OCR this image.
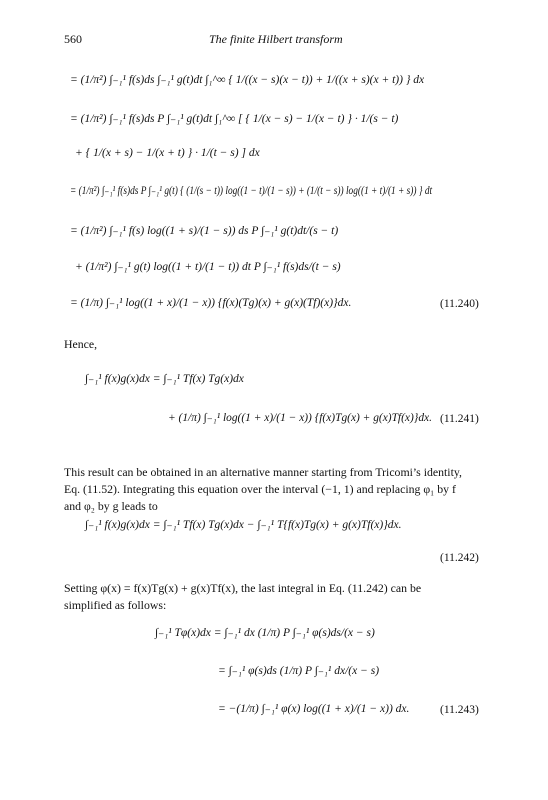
560	The finite Hilbert transform
= (1/π²) ∫₋₁¹ f(s)ds ∫₋₁¹ g(t)dt ∫₁^∞ { 1/((x − s)(x − t)) + 1/((x + s)(x + t)) } dx
= (1/π²) ∫₋₁¹ f(s)ds P ∫₋₁¹ g(t)dt ∫₁^∞ [ { 1/(x − s) − 1/(x − t) } · 1/(s − t)
+ { 1/(x + s) − 1/(x + t) } · 1/(t − s) ] dx
= (1/π²) ∫₋₁¹ f(s)ds P ∫₋₁¹ g(t) { (1/(s − t)) log((1 − t)/(1 − s)) + (1/(t − s)) log((1 + t)/(1 + s)) } dt
= (1/π²) ∫₋₁¹ f(s) log((1 + s)/(1 − s)) ds P ∫₋₁¹ g(t)dt/(s − t)
+ (1/π²) ∫₋₁¹ g(t) log((1 + t)/(1 − t)) dt P ∫₋₁¹ f(s)ds/(t − s)
= (1/π) ∫₋₁¹ log((1 + x)/(1 − x)) {f(x)(Tg)(x) + g(x)(Tf)(x)}dx.	(11.240)
Hence,
∫₋₁¹ f(x)g(x)dx = ∫₋₁¹ Tf(x) Tg(x)dx
+ (1/π) ∫₋₁¹ log((1 + x)/(1 − x)) {f(x)Tg(x) + g(x)Tf(x)}dx. (11.241)
This result can be obtained in an alternative manner starting from Tricomi’s identity,
Eq. (11.52). Integrating this equation over the interval (−1, 1) and replacing φ₁ by f
and φ₂ by g leads to
∫₋₁¹ f(x)g(x)dx = ∫₋₁¹ Tf(x) Tg(x)dx − ∫₋₁¹ T{f(x)Tg(x) + g(x)Tf(x)}dx.
(11.242)
Setting φ(x) = f(x)Tg(x) + g(x)Tf(x), the last integral in Eq. (11.242) can be
simplified as follows:
∫₋₁¹ Tφ(x)dx = ∫₋₁¹ dx (1/π) P ∫₋₁¹ φ(s)ds/(x − s)
= ∫₋₁¹ φ(s)ds (1/π) P ∫₋₁¹ dx/(x − s)
= −(1/π) ∫₋₁¹ φ(x) log((1 + x)/(1 − x)) dx.	(11.243)
